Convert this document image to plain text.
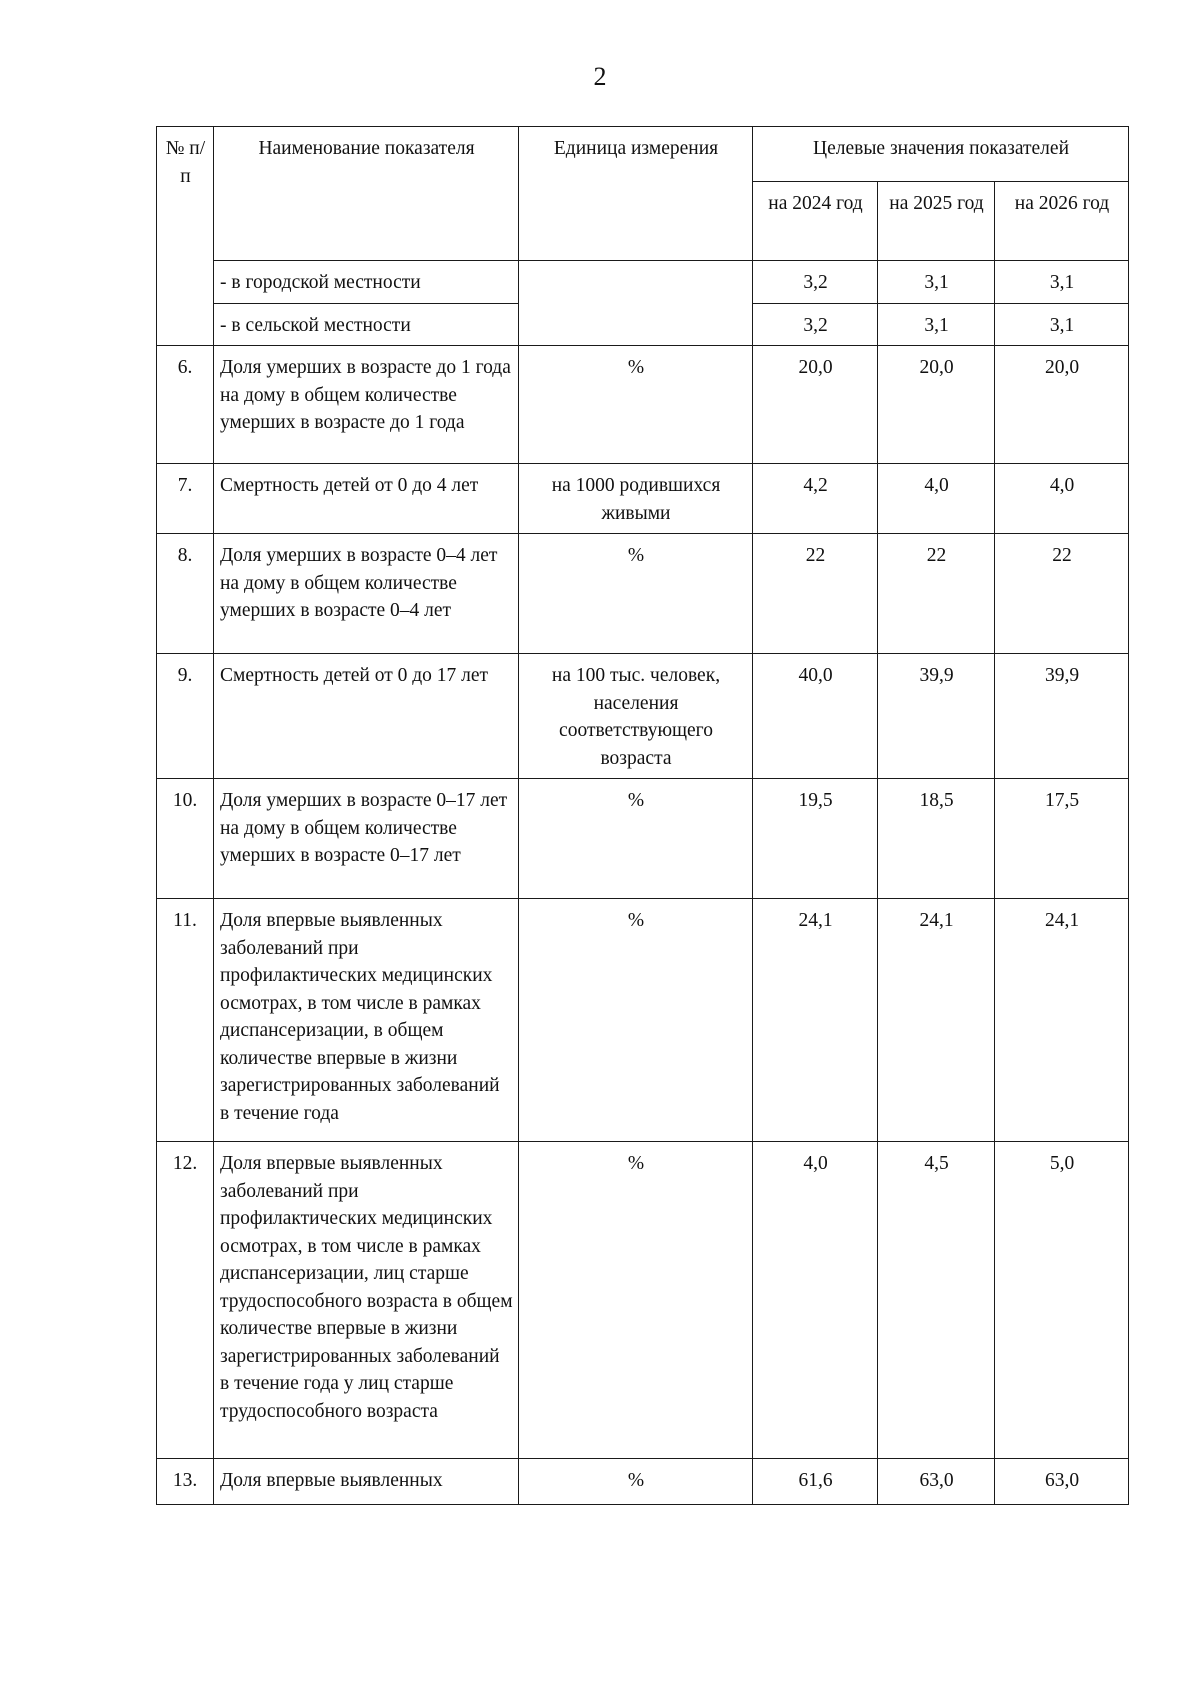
2
№ п/п	Наименование показателя	Единица измерения	Целевые значения показателей		
			на 2024 год	на 2025 год	на 2026 год
	- в городской местности		3,2	3,1	3,1
	- в сельской местности		3,2	3,1	3,1
6.	Доля умерших в возрасте до 1 года на дому в общем количестве умерших в возрасте до 1 года	%	20,0	20,0	20,0
7.	Смертность детей от 0 до 4 лет	на 1000 родившихся живыми	4,2	4,0	4,0
8.	Доля умерших в возрасте 0–4 лет на дому в общем количестве умерших в возрасте 0–4 лет	%	22	22	22
9.	Смертность детей от 0 до 17 лет	на 100 тыс. человек, населения соответствующего возраста	40,0	39,9	39,9
10.	Доля умерших в возрасте 0–17 лет на дому в общем количестве умерших в возрасте 0–17 лет	%	19,5	18,5	17,5
11.	Доля впервые выявленных заболеваний при профилактических медицинских осмотрах, в том числе в рамках диспансеризации, в общем количестве впервые в жизни зарегистрированных заболеваний в течение года	%	24,1	24,1	24,1
12.	Доля впервые выявленных заболеваний при профилактических медицинских осмотрах, в том числе в рамках диспансеризации, лиц старше трудоспособного возраста в общем количестве впервые в жизни зарегистрированных заболеваний в течение года у лиц старше трудоспособного возраста	%	4,0	4,5	5,0
13.	Доля впервые выявленных	%	61,6	63,0	63,0
